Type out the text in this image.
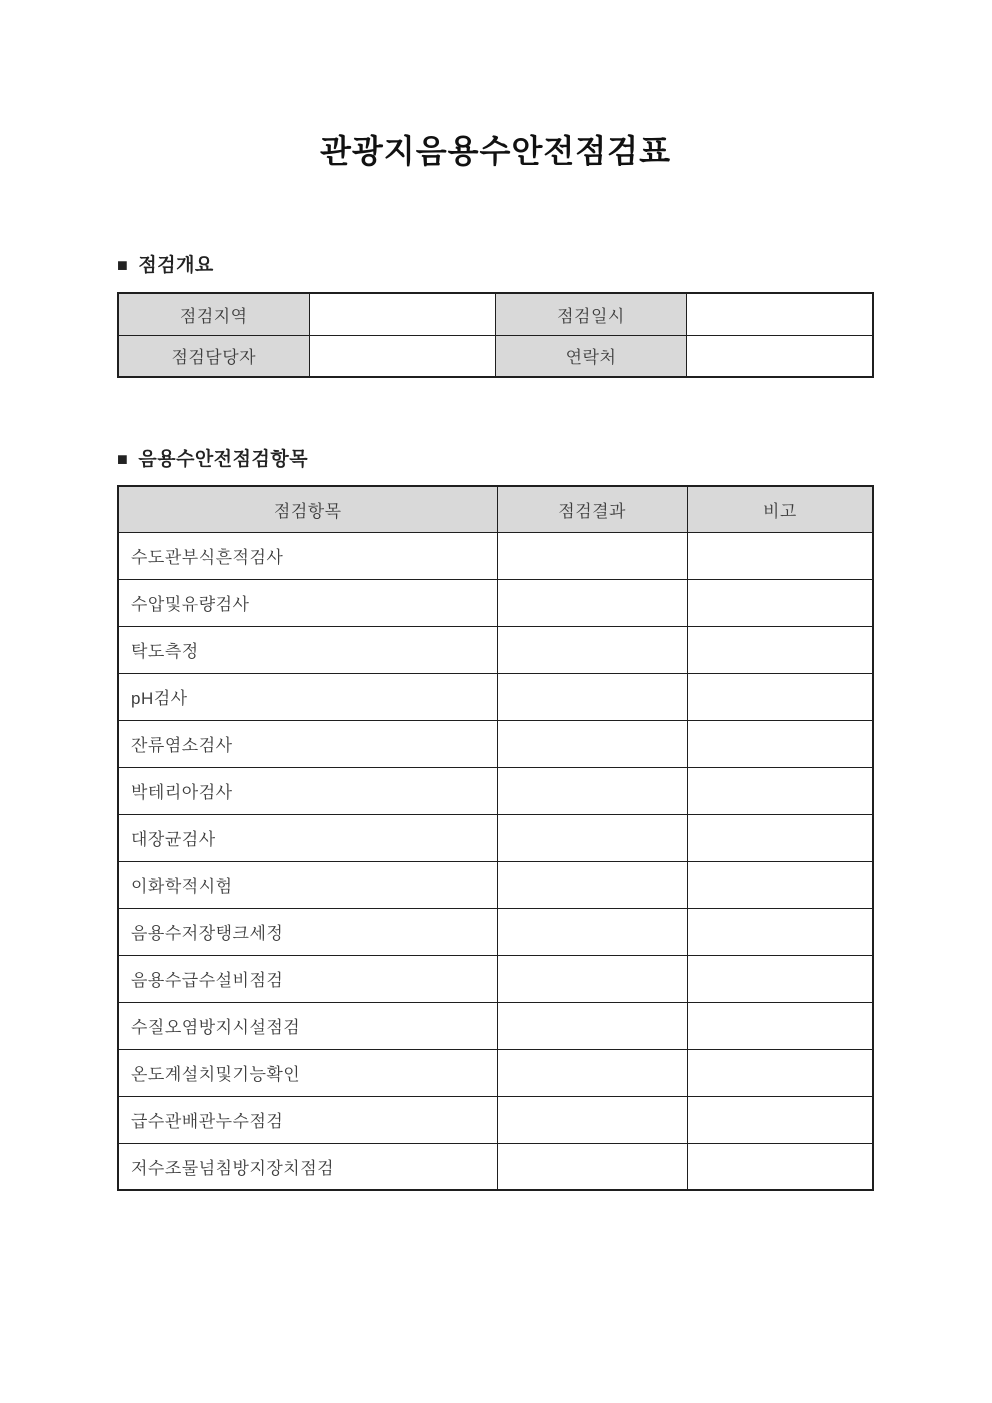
관광지음용수안전점검표
■ 점검개요
점검지역		점검일시	
점검담당자		연락처	
■ 음용수안전점검항목
점검항목	점검결과	비고
수도관부식흔적검사		
수압및유량검사		
탁도측정		
pH검사		
잔류염소검사		
박테리아검사		
대장균검사		
이화학적시험		
음용수저장탱크세정		
음용수급수설비점검		
수질오염방지시설점검		
온도계설치및기능확인		
급수관배관누수점검		
저수조물넘침방지장치점검		
